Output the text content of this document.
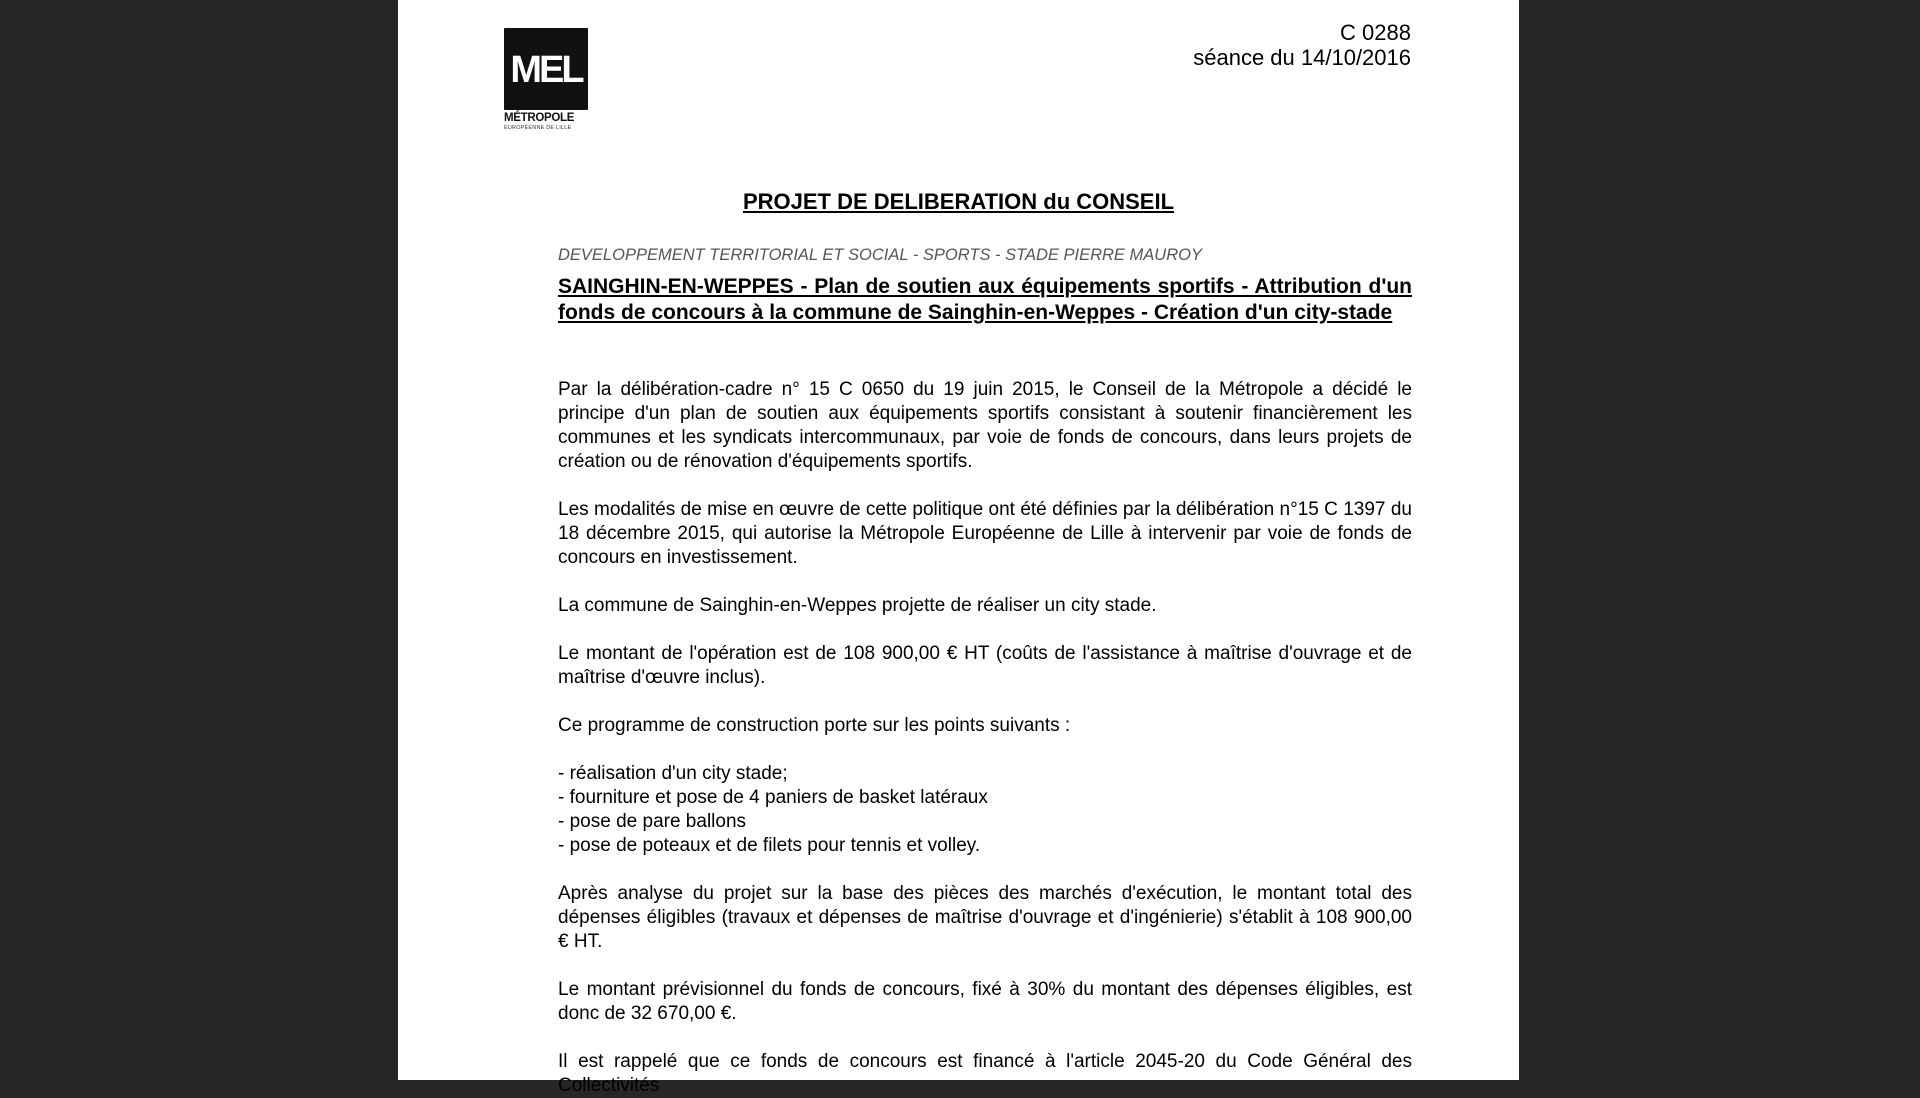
MEL
MÉTROPOLE
EUROPÉENNE DE LILLE
C 0288
séance du 14/10/2016
PROJET DE DELIBERATION du CONSEIL

DEVELOPPEMENT TERRITORIAL ET SOCIAL - SPORTS - STADE PIERRE MAUROY

SAINGHIN-EN-WEPPES - Plan de soutien aux équipements sportifs - Attribution d'un fonds de concours à la commune de Sainghin-en-Weppes - Création d'un city-stade

Par la délibération-cadre n° 15 C 0650 du 19 juin 2015, le Conseil de la Métropole a décidé le principe d'un plan de soutien aux équipements sportifs consistant à soutenir financièrement les communes et les syndicats intercommunaux, par voie de fonds de concours, dans leurs projets de création ou de rénovation d'équipements sportifs.

Les modalités de mise en œuvre de cette politique ont été définies par la délibération n°15 C 1397 du 18 décembre 2015, qui autorise la Métropole Européenne de Lille à intervenir par voie de fonds de concours en investissement.

La commune de Sainghin-en-Weppes projette de réaliser un city stade.

Le montant de l'opération est de 108 900,00 € HT (coûts de l'assistance à maîtrise d'ouvrage et de maîtrise d'œuvre inclus).

Ce programme de construction porte sur les points suivants :

- réalisation d'un city stade;

- fourniture et pose de 4 paniers de basket latéraux

- pose de pare ballons

- pose de poteaux et de filets pour tennis et volley.

Après analyse du projet sur la base des pièces des marchés d'exécution, le montant total des dépenses éligibles (travaux et dépenses de maîtrise d'ouvrage et d'ingénierie) s'établit à 108 900,00 € HT.

Le montant prévisionnel du fonds de concours, fixé à 30% du montant des dépenses éligibles, est donc de 32 670,00 €.

Il est rappelé que ce fonds de concours est financé à l'article 2045-20 du Code Général des Collectivités
